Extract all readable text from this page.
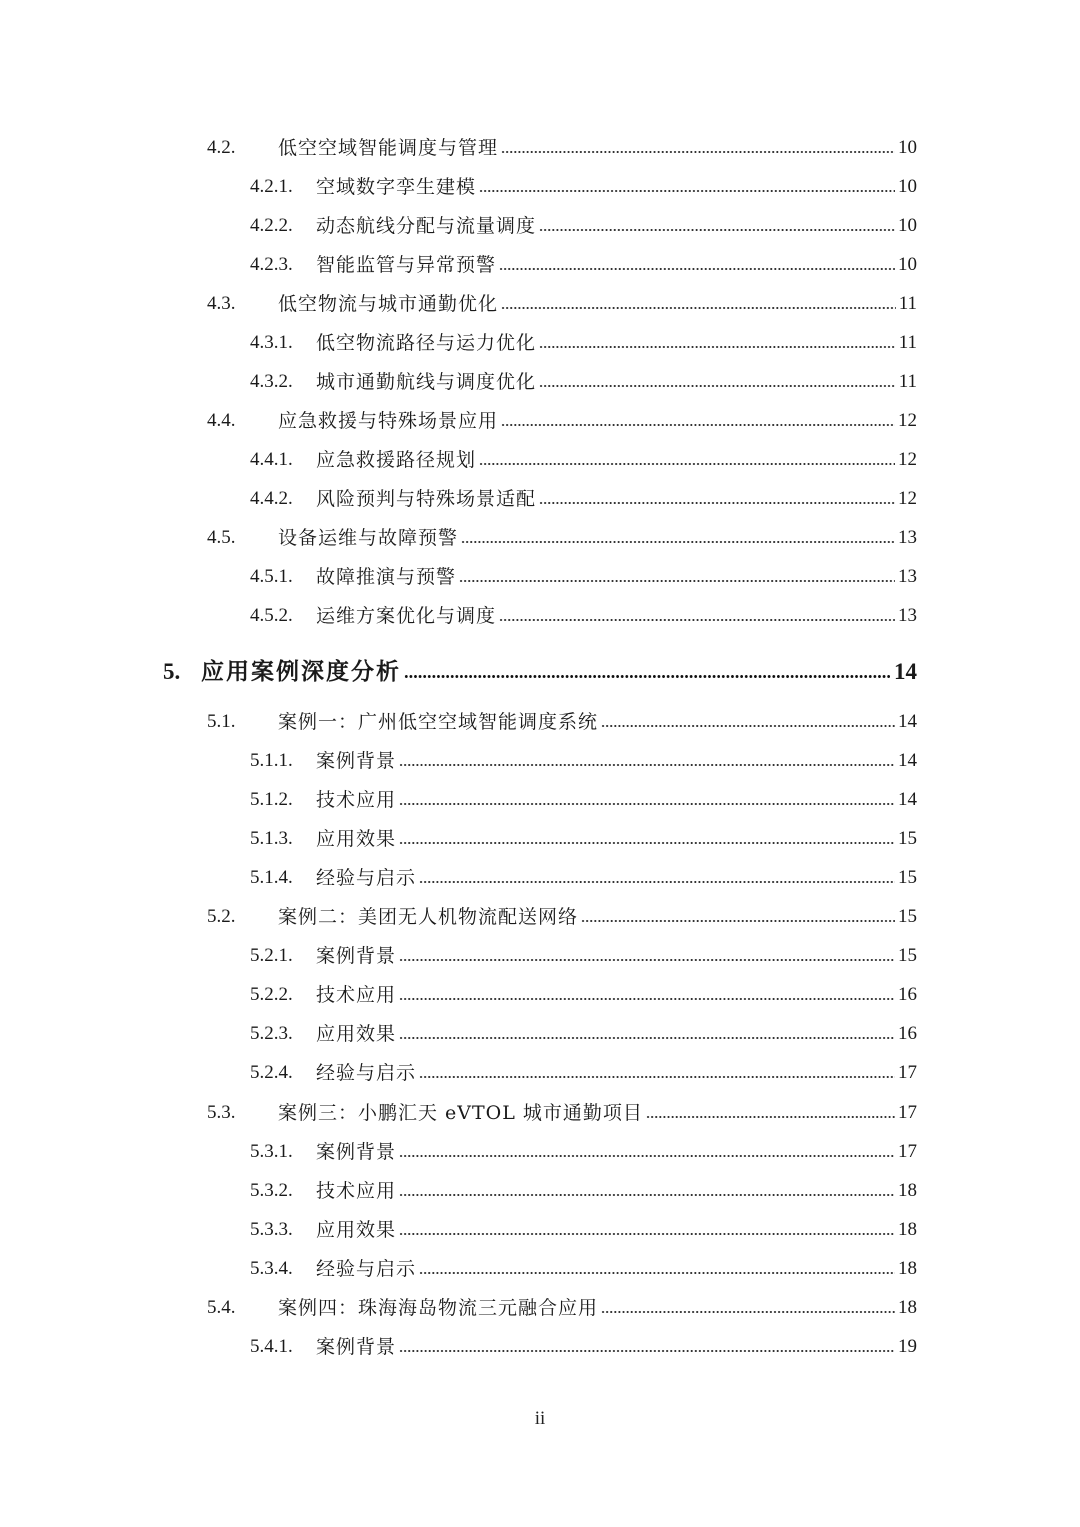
4.2.	低空空域智能调度与管理	10
4.2.1.	空域数字孪生建模	10
4.2.2.	动态航线分配与流量调度	10
4.2.3.	智能监管与异常预警	10
4.3.	低空物流与城市通勤优化	11
4.3.1.	低空物流路径与运力优化	11
4.3.2.	城市通勤航线与调度优化	11
4.4.	应急救援与特殊场景应用	12
4.4.1.	应急救援路径规划	12
4.4.2.	风险预判与特殊场景适配	12
4.5.	设备运维与故障预警	13
4.5.1.	故障推演与预警	13
4.5.2.	运维方案优化与调度	13
5. 应用案例深度分析	14
5.1.	案例一：广州低空空域智能调度系统	14
5.1.1.	案例背景	14
5.1.2.	技术应用	14
5.1.3.	应用效果	15
5.1.4.	经验与启示	15
5.2.	案例二：美团无人机物流配送网络	15
5.2.1.	案例背景	15
5.2.2.	技术应用	16
5.2.3.	应用效果	16
5.2.4.	经验与启示	17
5.3.	案例三：小鹏汇天 eVTOL 城市通勤项目	17
5.3.1.	案例背景	17
5.3.2.	技术应用	18
5.3.3.	应用效果	18
5.3.4.	经验与启示	18
5.4.	案例四：珠海海岛物流三元融合应用	18
5.4.1.	案例背景	19
ii
